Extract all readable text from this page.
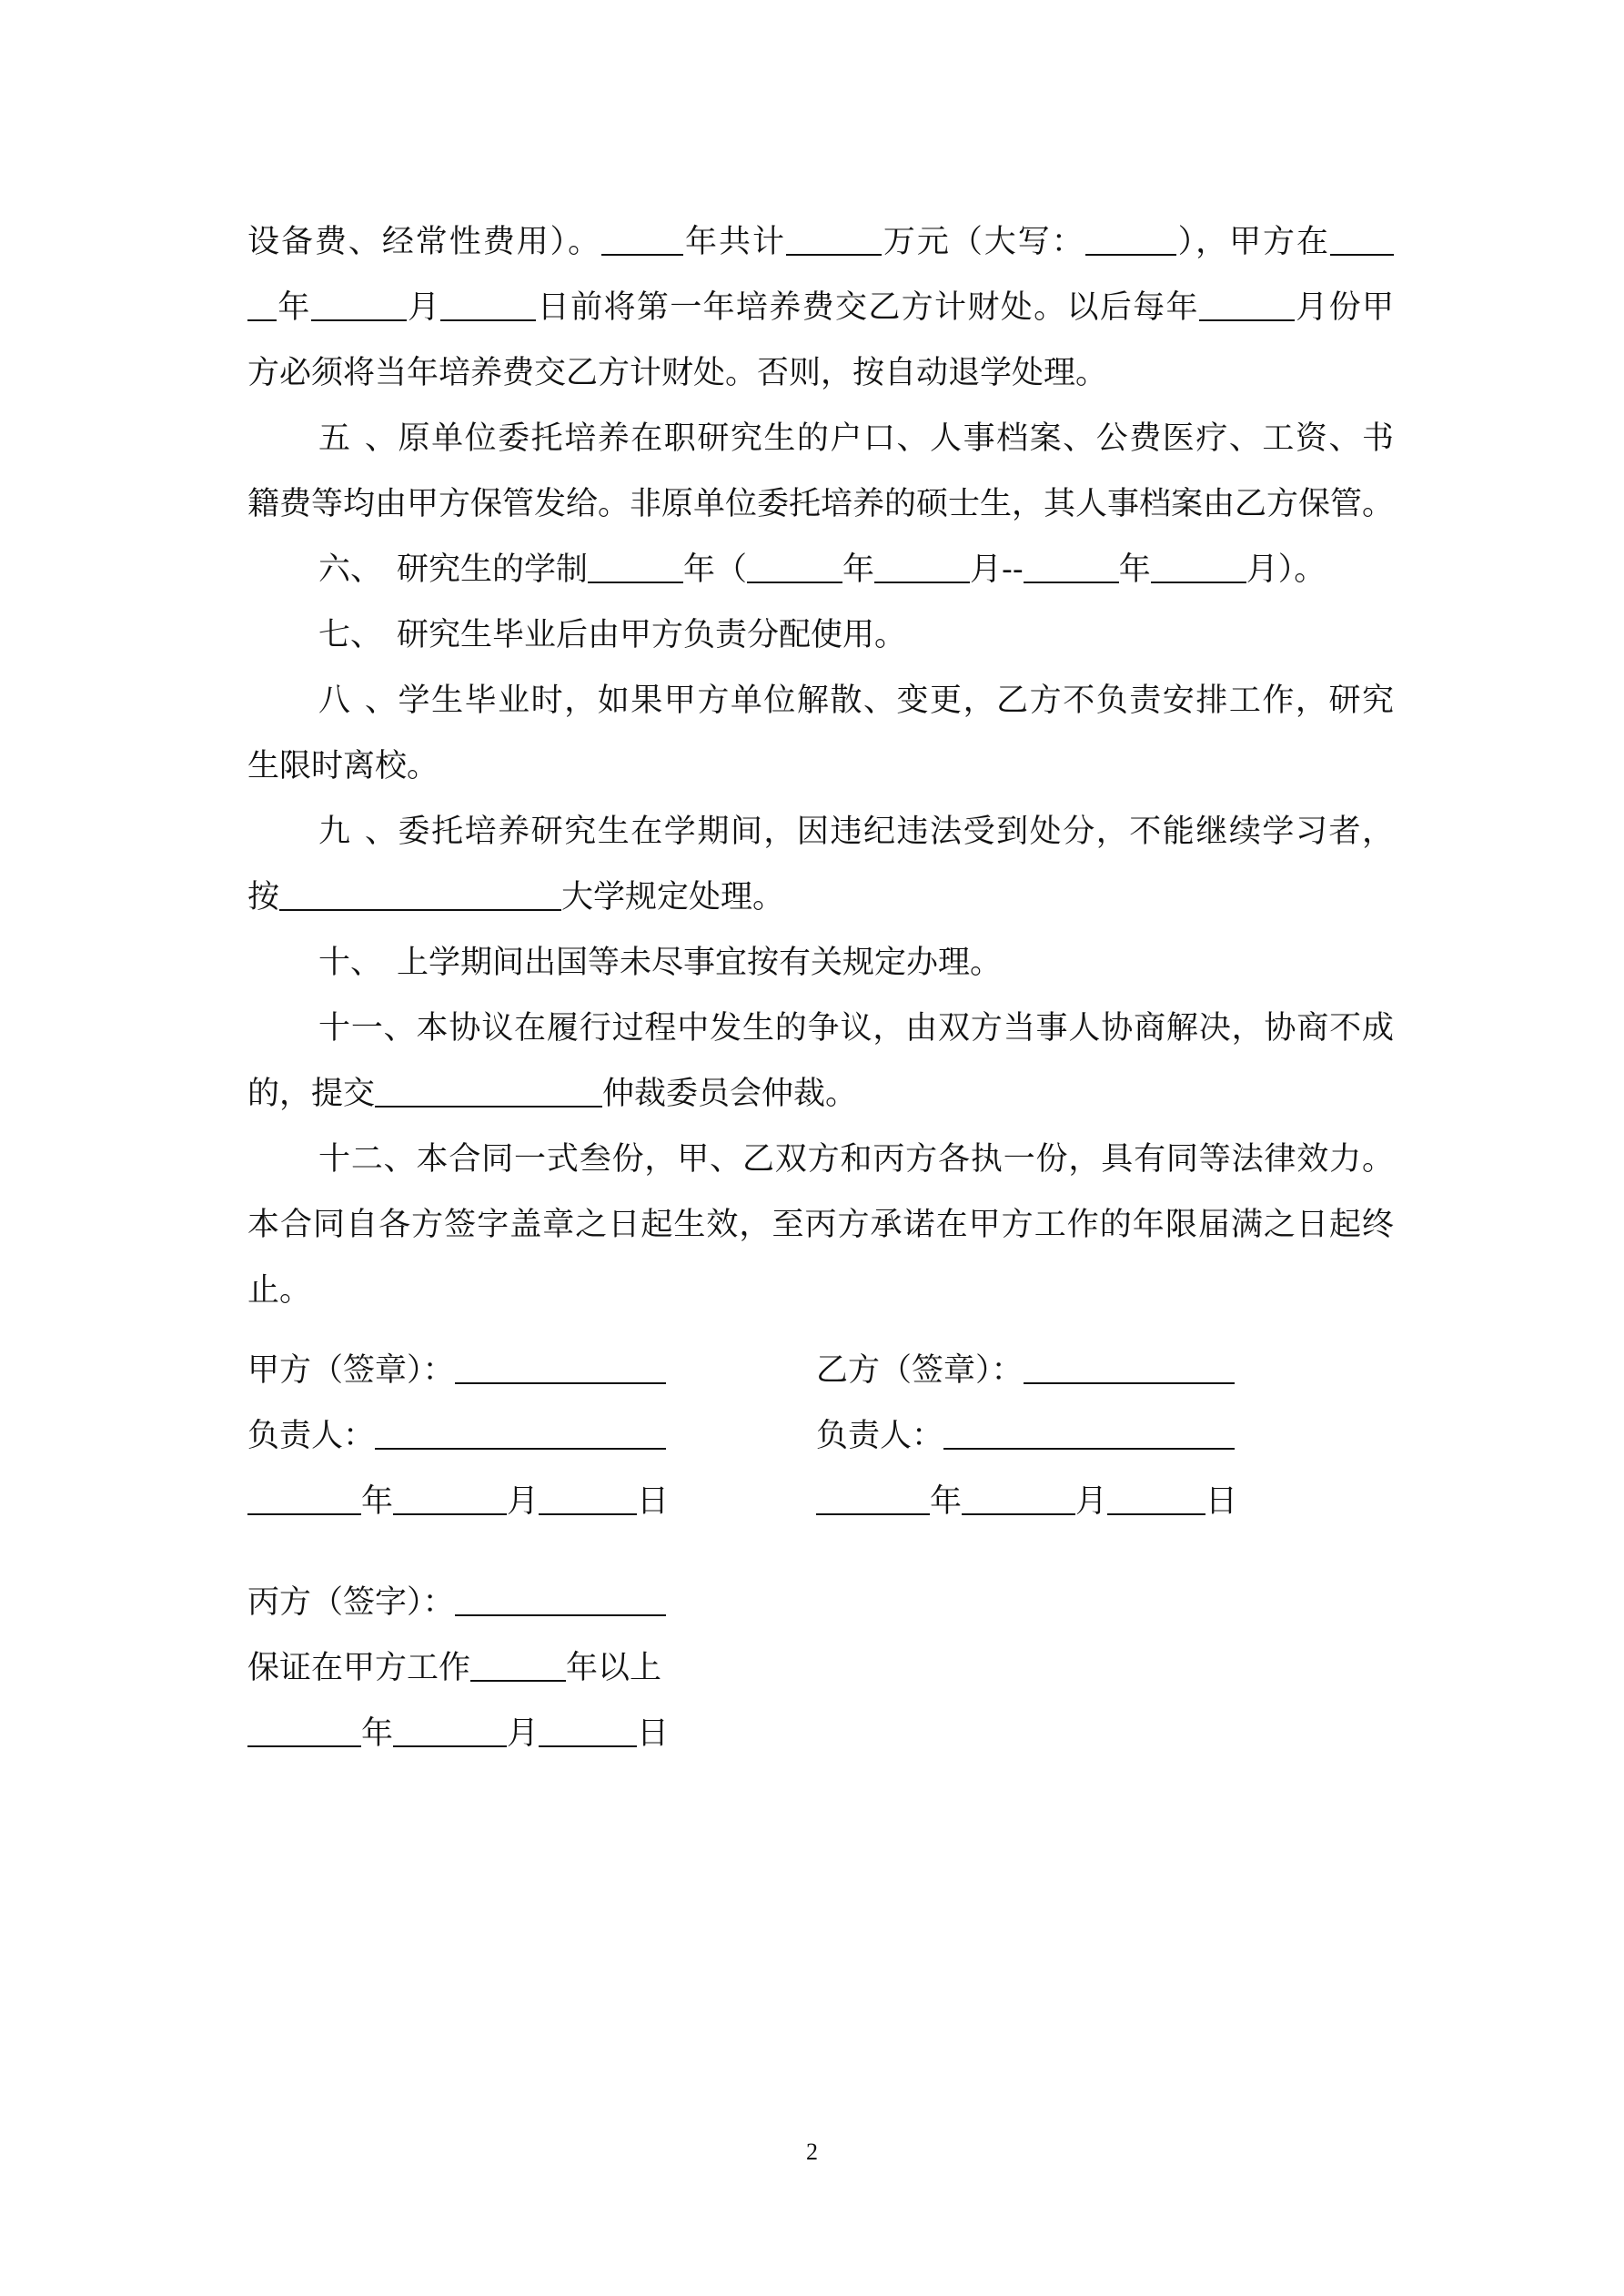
设备费、经常性费用）。	年共计	万元（大写：	），甲方在
年	月	日前将第一年培养费交乙方计财处。以后每年	月份甲
方必须将当年培养费交乙方计财处。否则，按自动退学处理。
五、原单位委托培养在职研究生的户口、人事档案、公费医疗、工资、书
籍费等均由甲方保管发给。非原单位委托培养的硕士生，其人事档案由乙方保管。
六、 研究生的学制	年（	年	月--	年	月）。
七、 研究生毕业后由甲方负责分配使用。
八、学生毕业时，如果甲方单位解散、变更，乙方不负责安排工作，研究
生限时离校。
九、委托培养研究生在学期间，因违纪违法受到处分，不能继续学习者，
按	大学规定处理。
十、 上学期间出国等未尽事宜按有关规定办理。
十一、本协议在履行过程中发生的争议，由双方当事人协商解决，协商不成
的，提交	仲裁委员会仲裁。
十二、本合同一式叁份，甲、乙双方和丙方各执一份，具有同等法律效力。
本合同自各方签字盖章之日起生效，至丙方承诺在甲方工作的年限届满之日起终
止。
甲方（签章）：
负责人：
年	月	日
乙方（签章）：
负责人：
年	月	日
丙方（签字）：
保证在甲方工作	年以上
年	月	日
2
